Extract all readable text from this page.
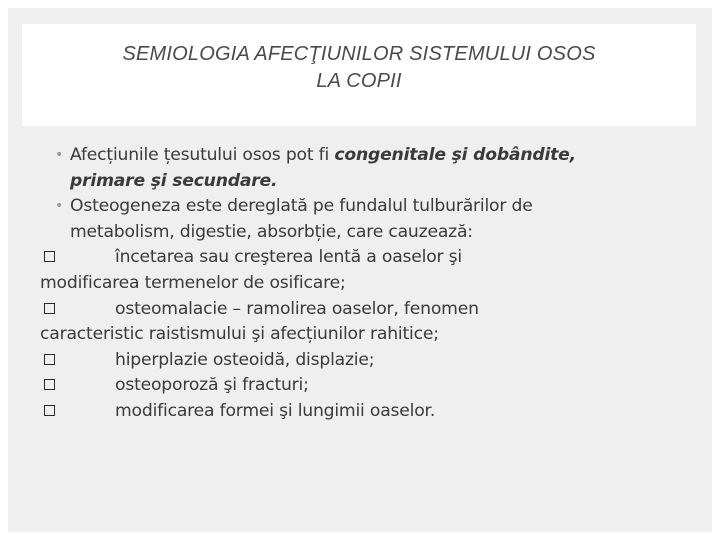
SEMIOLOGIA AFECŢIUNILOR SISTEMULUI OSOS
LA COPII
• Afecțiunile țesutului osos pot fi congenitale şi dobândite,
primare şi secundare.
• Osteogeneza este dereglată pe fundalul tulburărilor de
metabolism, digestie, absorbție, care cauzează:
încetarea sau creşterea lentă a oaselor şi
modificarea termenelor de osificare;
osteomalacie – ramolirea oaselor, fenomen
caracteristic raistismului şi afecțiunilor rahitice;
hiperplazie osteoidă, displazie;
osteoporoză şi fracturi;
modificarea formei şi lungimii oaselor.
